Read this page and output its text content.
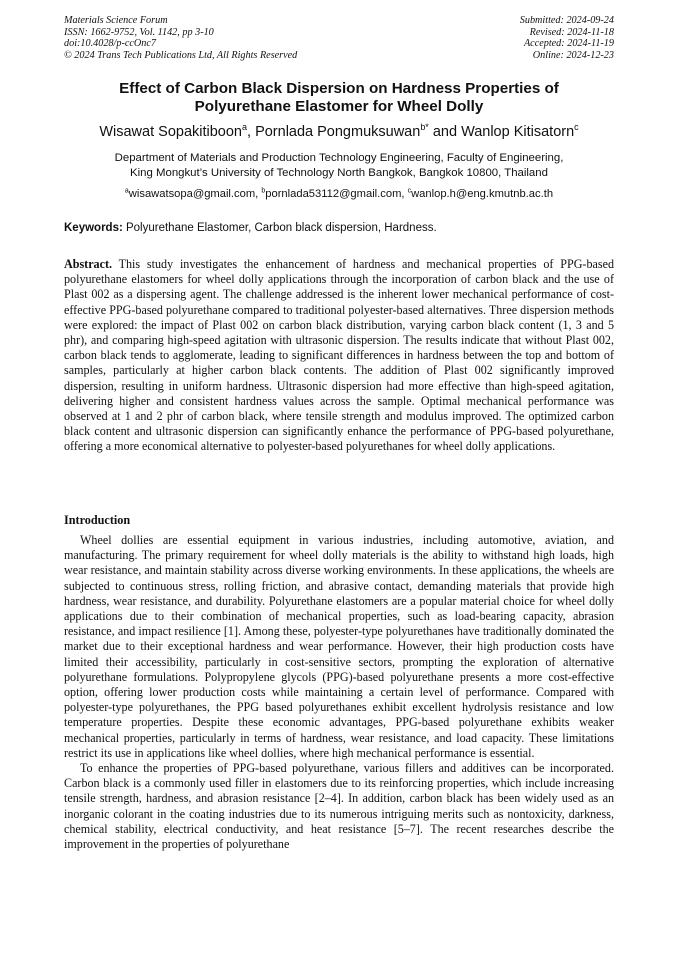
Materials Science Forum
ISSN: 1662-9752, Vol. 1142, pp 3-10
doi:10.4028/p-ccOnc7
© 2024 Trans Tech Publications Ltd, All Rights Reserved
Submitted: 2024-09-24
Revised: 2024-11-18
Accepted: 2024-11-19
Online: 2024-12-23
Effect of Carbon Black Dispersion on Hardness Properties of
Polyurethane Elastomer for Wheel Dolly
Wisawat Sopakitiboon$^a$, Pornlada Pongmuksuwan$^{b*}$ and Wanlop Kitisatorn$^c$
Department of Materials and Production Technology Engineering, Faculty of Engineering,
King Mongkut’s University of Technology North Bangkok, Bangkok 10800, Thailand
$^a$wisawatsopa@gmail.com, $^b$pornlada53112@gmail.com, $^c$wanlop.h@eng.kmutnb.ac.th
Keywords: Polyurethane Elastomer, Carbon black dispersion, Hardness.

Abstract. This study investigates the enhancement of hardness and mechanical properties of PPG-based polyurethane elastomers for wheel dolly applications through the incorporation of carbon black and the use of Plast 002 as a dispersing agent. The challenge addressed is the inherent lower mechanical performance of cost-effective PPG-based polyurethane compared to traditional polyester-based alternatives. Three dispersion methods were explored: the impact of Plast 002 on carbon black distribution, varying carbon black content (1, 3 and 5 phr), and comparing high-speed agitation with ultrasonic dispersion. The results indicate that without Plast 002, carbon black tends to agglomerate, leading to significant differences in hardness between the top and bottom of samples, particularly at higher carbon black contents. The addition of Plast 002 significantly improved dispersion, resulting in uniform hardness. Ultrasonic dispersion had more effective than high-speed agitation, delivering higher and consistent hardness values across the sample. Optimal mechanical performance was observed at 1 and 2 phr of carbon black, where tensile strength and modulus improved. The optimized carbon black content and ultrasonic dispersion can significantly enhance the performance of PPG-based polyurethane, offering a more economical alternative to polyester-based polyurethanes for wheel dolly applications.

Introduction

Wheel dollies are essential equipment in various industries, including automotive, aviation, and manufacturing. The primary requirement for wheel dolly materials is the ability to withstand high loads, high wear resistance, and maintain stability across diverse working environments. In these applications, the wheels are subjected to continuous stress, rolling friction, and abrasive contact, demanding materials that provide high hardness, wear resistance, and durability. Polyurethane elastomers are a popular material choice for wheel dolly applications due to their combination of mechanical properties, such as load-bearing capacity, abrasion resistance, and impact resilience [1]. Among these, polyester-type polyurethanes have traditionally dominated the market due to their exceptional hardness and wear performance. However, their high production costs have limited their accessibility, particularly in cost-sensitive sectors, prompting the exploration of alternative polyurethane formulations. Polypropylene glycols (PPG)-based polyurethane presents a more cost-effective option, offering lower production costs while maintaining a certain level of performance. Compared with polyester-type polyurethanes, the PPG based polyurethanes exhibit excellent hydrolysis resistance and low temperature properties. Despite these economic advantages, PPG-based polyurethane exhibits weaker mechanical properties, particularly in terms of hardness, wear resistance, and load capacity. These limitations restrict its use in applications like wheel dollies, where high mechanical performance is essential.

To enhance the properties of PPG-based polyurethane, various fillers and additives can be incorporated. Carbon black is a commonly used filler in elastomers due to its reinforcing properties, which include increasing tensile strength, hardness, and abrasion resistance [2–4]. In addition, carbon black has been widely used as an inorganic colorant in the coating industries due to its numerous intriguing merits such as nontoxicity, darkness, chemical stability, electrical conductivity, and heat resistance [5–7]. The recent researches describe the improvement in the properties of polyurethane
